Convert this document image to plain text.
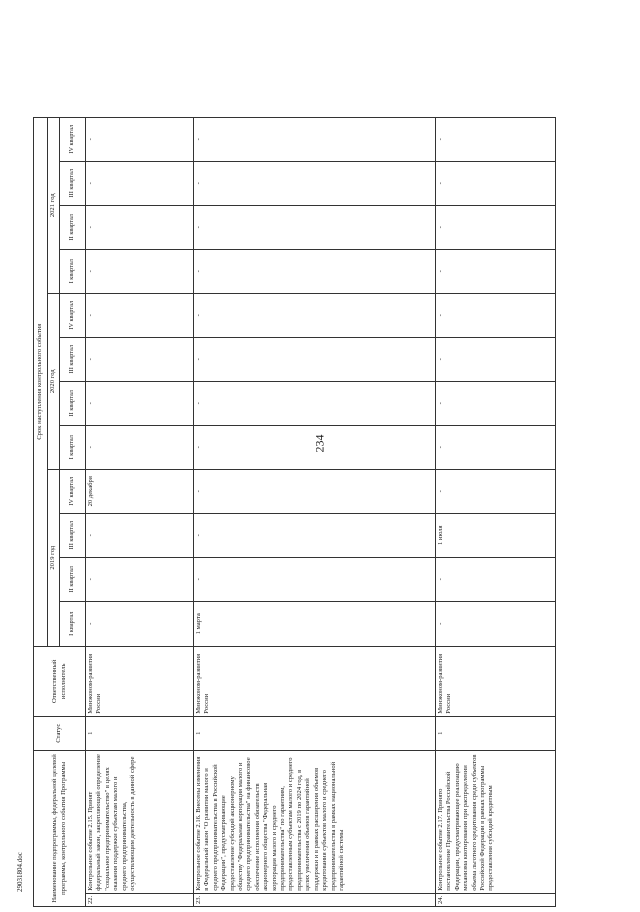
234
29031804.doc	Наименование подпрограммы, федеральной целевой программы, контрольного события Программы		Статус	Ответственный исполнитель	Срок наступления контрольного события											
				2019 год				2020 год				2021 год			
				I квартал	II квартал	III квартал	IV квартал	I квартал	II квартал	III квартал	IV квартал	I квартал	II квартал	III квартал	IV квартал
22.	Контрольное событие 2.15. Принят федеральный закон, закрепляющий определение "социальное предпринимательство" в целях оказания поддержки субъектам малого и среднего предпринимательства, осуществляющим деятельность в данной сфере	1	Минэконом-развития России	-	-	-	20 декабря	-	-	-	-	-	-	-	-
23.	Контрольное событие 2.16. Внесены изменения в Федеральный закон "О развитии малого и среднего предпринимательства в Российской Федерации", предусматривающие предоставление субсидий акционерному обществу "Федеральная корпорация малого и среднего предпринимательства" на финансовое обеспечение исполнения обязательств акционерного общества "Федеральная корпорация малого и среднего предпринимательства" по гарантиям, предоставленным субъектам малого и среднего предпринимательства с 2019 по 2024 год, в целях увеличения объемов гарантийной поддержки и в рамках расширения объемов кредитования субъектов малого и среднего предпринимательства в рамках национальной гарантийной системы	1	Минэконом-развития России	1 марта	-	-	-	-	-	-	-	-	-	-	-
24.	Контрольное событие 2.17. Принято постановление Правительства Российской Федерации, предусматривающее реализацию механизма квотирования при распределении объема льготного кредитования среди субъектов Российской Федерации в рамках программы предоставления субсидий кредитным	1	Минэконом-развития России	-	-	1 июля	-	-	-	-	-	-	-	-	-
